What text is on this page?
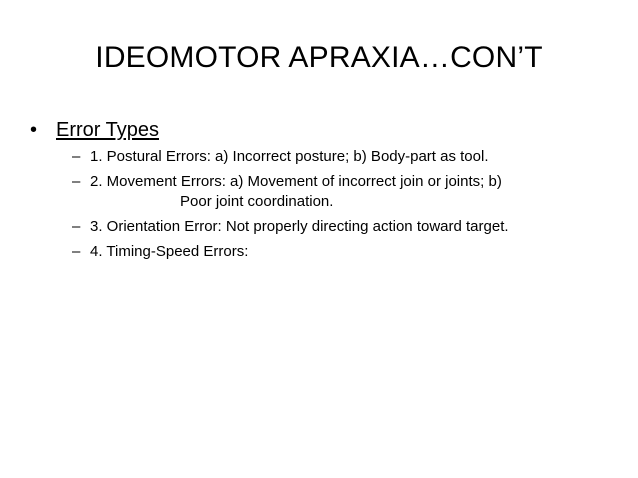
IDEOMOTOR APRAXIA…CON’T
• Error Types
– 1. Postural Errors: a) Incorrect posture; b) Body-part as tool.
– 2. Movement Errors: a) Movement of incorrect join or joints; b)
Poor joint coordination.
– 3. Orientation Error: Not properly directing action toward target.
– 4. Timing-Speed Errors:
